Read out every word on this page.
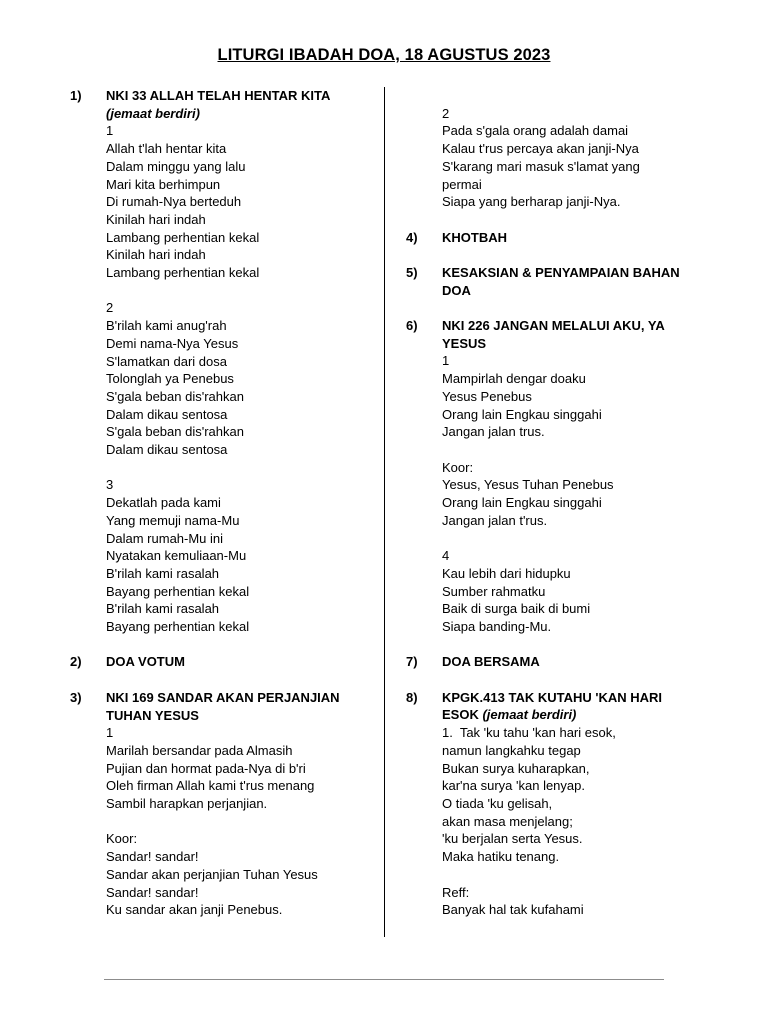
LITURGI IBADAH DOA, 18 AGUSTUS 2023
1)	NKI 33 ALLAH TELAH HENTAR KITA
(jemaat berdiri)
1
Allah t'lah hentar kita
Dalam minggu yang lalu
Mari kita berhimpun
Di rumah-Nya berteduh
Kinilah hari indah
Lambang perhentian kekal
Kinilah hari indah
Lambang perhentian kekal
2
B'rilah kami anug'rah
Demi nama-Nya Yesus
S'lamatkan dari dosa
Tolonglah ya Penebus
S'gala beban dis'rahkan
Dalam dikau sentosa
S'gala beban dis'rahkan
Dalam dikau sentosa
3
Dekatlah pada kami
Yang memuji nama-Mu
Dalam rumah-Mu ini
Nyatakan kemuliaan-Mu
B'rilah kami rasalah
Bayang perhentian kekal
B'rilah kami rasalah
Bayang perhentian kekal
2)	DOA VOTUM
3)	NKI 169 SANDAR AKAN PERJANJIAN
TUHAN YESUS
1
Marilah bersandar pada Almasih
Pujian dan hormat pada-Nya di b'ri
Oleh firman Allah kami t'rus menang
Sambil harapkan perjanjian.
Koor:
Sandar! sandar!
Sandar akan perjanjian Tuhan Yesus
Sandar! sandar!
Ku sandar akan janji Penebus.
2
Pada s'gala orang adalah damai
Kalau t'rus percaya akan janji-Nya
S'karang mari masuk s'lamat yang
permai
Siapa yang berharap janji-Nya.
4)	KHOTBAH
5)	KESAKSIAN & PENYAMPAIAN BAHAN
DOA
6)	NKI 226 JANGAN MELALUI AKU, YA
YESUS
1
Mampirlah dengar doaku
Yesus Penebus
Orang lain Engkau singgahi
Jangan jalan trus.
Koor:
Yesus, Yesus Tuhan Penebus
Orang lain Engkau singgahi
Jangan jalan t'rus.
4
Kau lebih dari hidupku
Sumber rahmatku
Baik di surga baik di bumi
Siapa banding-Mu.
7)	DOA BERSAMA
8)	KPGK.413 TAK KUTAHU 'KAN HARI
ESOK (jemaat berdiri)
1.  Tak 'ku tahu 'kan hari esok,
namun langkahku tegap
Bukan surya kuharapkan,
kar'na surya 'kan lenyap.
O tiada 'ku gelisah,
akan masa menjelang;
'ku berjalan serta Yesus.
Maka hatiku tenang.
Reff:
Banyak hal tak kufahami
